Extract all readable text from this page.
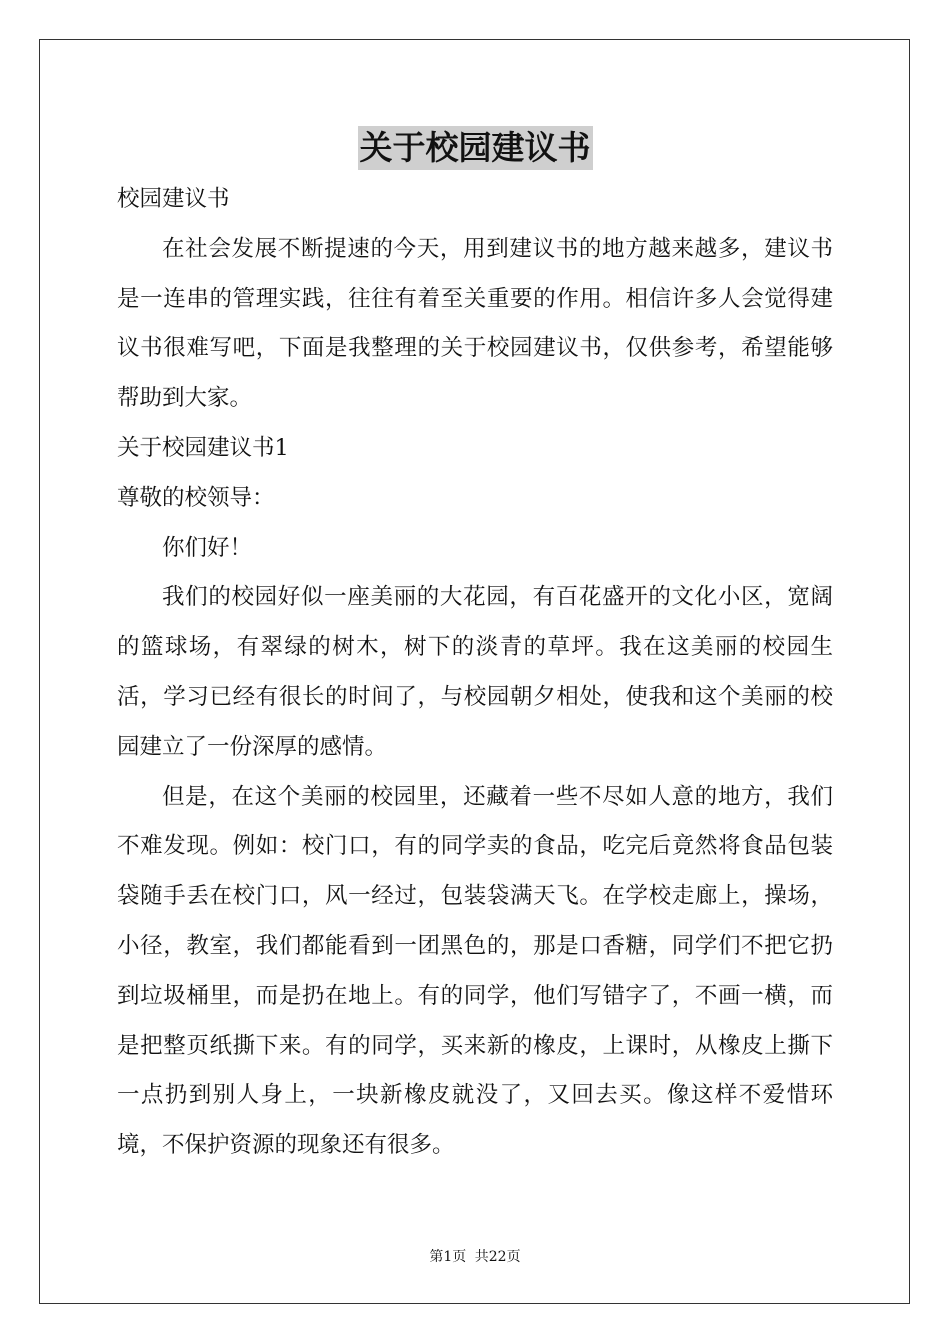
关于校园建议书

校园建议书

在社会发展不断提速的今天，用到建议书的地方越来越多，建议书是一连串的管理实践，往往有着至关重要的作用。相信许多人会觉得建议书很难写吧，下面是我整理的关于校园建议书，仅供参考，希望能够帮助到大家。

关于校园建议书1

尊敬的校领导：

你们好！

我们的校园好似一座美丽的大花园，有百花盛开的文化小区，宽阔的篮球场，有翠绿的树木，树下的淡青的草坪。我在这美丽的校园生活，学习已经有很长的时间了，与校园朝夕相处，使我和这个美丽的校园建立了一份深厚的感情。

但是，在这个美丽的校园里，还藏着一些不尽如人意的地方，我们不难发现。例如：校门口，有的同学卖的食品，吃完后竟然将食品包装袋随手丢在校门口，风一经过，包装袋满天飞。在学校走廊上，操场，小径，教室，我们都能看到一团黑色的，那是口香糖，同学们不把它扔到垃圾桶里，而是扔在地上。有的同学，他们写错字了，不画一横，而是把整页纸撕下来。有的同学，买来新的橡皮，上课时，从橡皮上撕下一点扔到别人身上，一块新橡皮就没了，又回去买。像这样不爱惜环境，不保护资源的现象还有很多。

第1页 共22页
